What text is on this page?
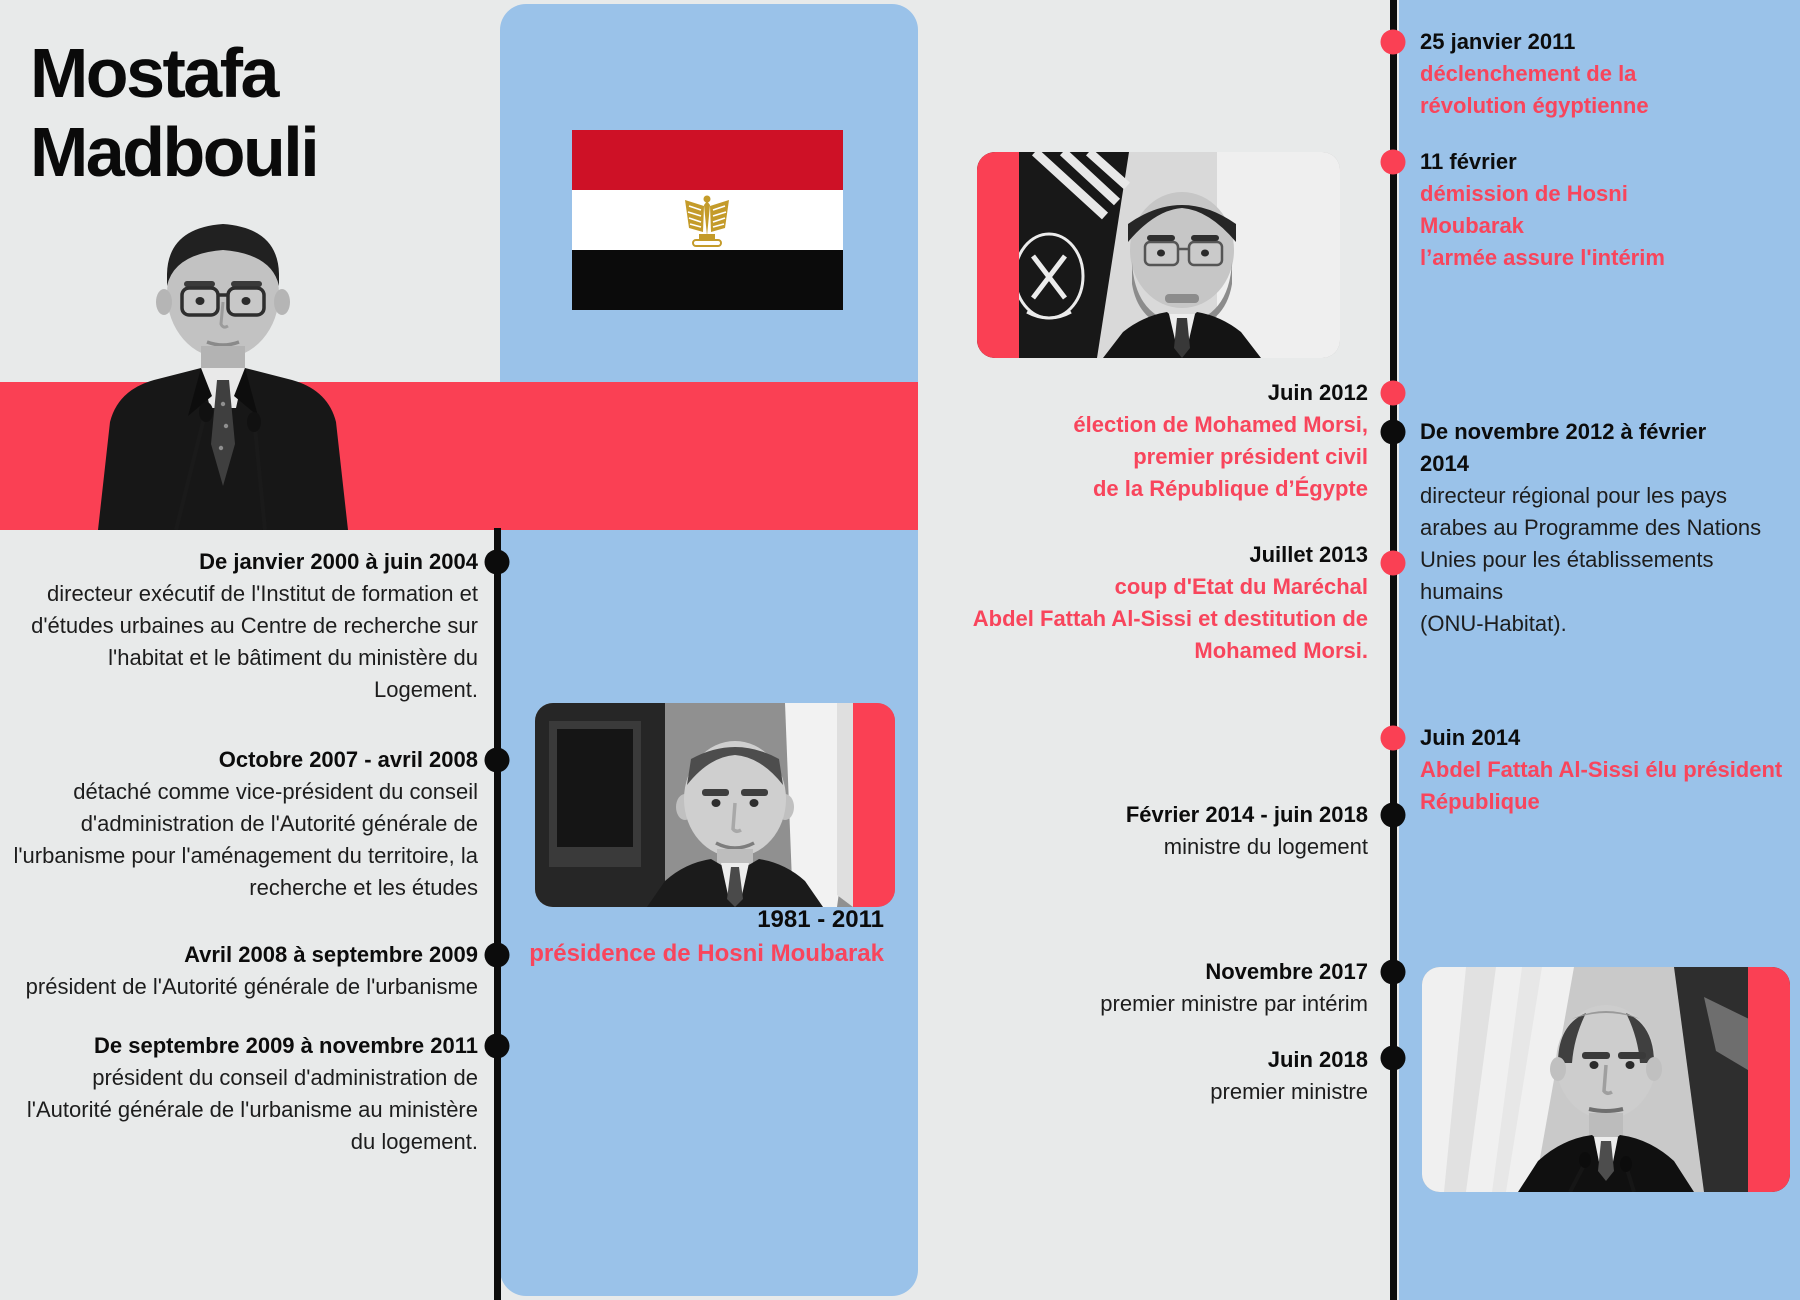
Mostafa
Madbouli
1981 - 2011
présidence de Hosni Moubarak
De janvier 2000 à juin 2004
directeur exécutif de l'Institut de formation et
d'études urbaines au Centre de recherche sur
l'habitat et le bâtiment du ministère du
Logement.
Octobre 2007 - avril 2008
détaché comme vice-président du conseil
d'administration de l'Autorité générale de
l'urbanisme pour l'aménagement du territoire, la
recherche et les études
Avril 2008 à septembre 2009
président de l'Autorité générale de l'urbanisme
De septembre 2009 à novembre 2011
président du conseil d'administration de
l'Autorité générale de l'urbanisme au ministère
du logement.
25 janvier 2011
déclenchement de la
révolution égyptienne
11 février
démission de Hosni
Moubarak
l’armée assure l'intérim
Juin 2012
élection de Mohamed Morsi,
premier président civil
de la République d’Égypte
De novembre 2012 à février
2014
directeur régional pour les pays
arabes au Programme des Nations
Unies pour les établissements
humains
(ONU-Habitat).
Juillet 2013
coup d'Etat du Maréchal
Abdel Fattah Al-Sissi et destitution de
Mohamed Morsi.
Juin 2014
Abdel Fattah Al-Sissi élu président
République
Février 2014 - juin 2018
ministre du logement
Novembre 2017
premier ministre par intérim
Juin 2018
premier ministre
